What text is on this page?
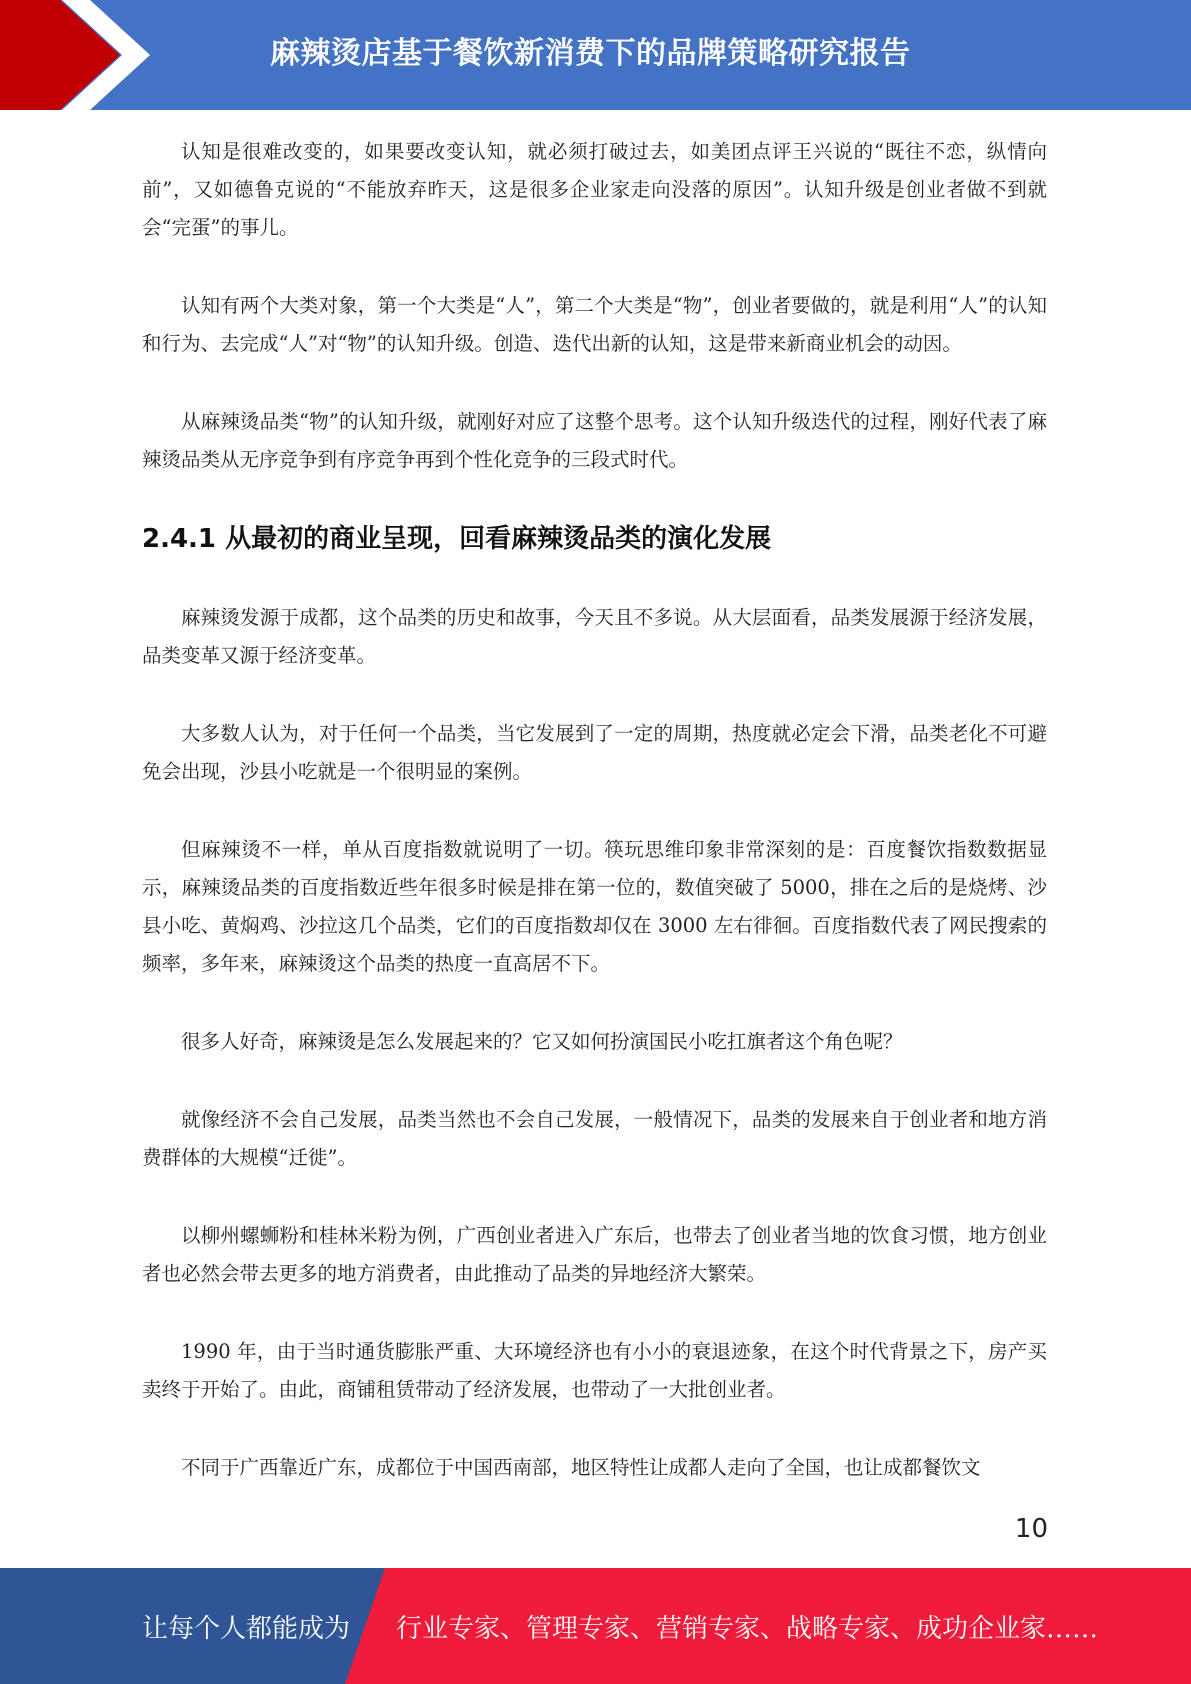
麻辣烫店基于餐饮新消费下的品牌策略研究报告

认知是很难改变的，如果要改变认知，就必须打破过去，如美团点评王兴说的“既往不恋，纵情向前”，又如德鲁克说的“不能放弃昨天，这是很多企业家走向没落的原因”。认知升级是创业者做不到就会“完蛋”的事儿。

认知有两个大类对象，第一个大类是“人”，第二个大类是“物”，创业者要做的，就是利用“人”的认知和行为、去完成“人”对“物”的认知升级。创造、迭代出新的认知，这是带来新商业机会的动因。

从麻辣烫品类“物”的认知升级，就刚好对应了这整个思考。这个认知升级迭代的过程，刚好代表了麻辣烫品类从无序竞争到有序竞争再到个性化竞争的三段式时代。

2.4.1 从最初的商业呈现，回看麻辣烫品类的演化发展

麻辣烫发源于成都，这个品类的历史和故事，今天且不多说。从大层面看，品类发展源于经济发展，品类变革又源于经济变革。

大多数人认为，对于任何一个品类，当它发展到了一定的周期，热度就必定会下滑，品类老化不可避免会出现，沙县小吃就是一个很明显的案例。

但麻辣烫不一样，单从百度指数就说明了一切。筷玩思维印象非常深刻的是：百度餐饮指数数据显示，麻辣烫品类的百度指数近些年很多时候是排在第一位的，数值突破了 5000，排在之后的是烧烤、沙县小吃、黄焖鸡、沙拉这几个品类，它们的百度指数却仅在 3000 左右徘徊。百度指数代表了网民搜索的频率，多年来，麻辣烫这个品类的热度一直高居不下。

很多人好奇，麻辣烫是怎么发展起来的？它又如何扮演国民小吃扛旗者这个角色呢？

就像经济不会自己发展，品类当然也不会自己发展，一般情况下，品类的发展来自于创业者和地方消费群体的大规模“迁徙”。

以柳州螺蛳粉和桂林米粉为例，广西创业者进入广东后，也带去了创业者当地的饮食习惯，地方创业者也必然会带去更多的地方消费者，由此推动了品类的异地经济大繁荣。

1990 年，由于当时通货膨胀严重、大环境经济也有小小的衰退迹象，在这个时代背景之下，房产买卖终于开始了。由此，商铺租赁带动了经济发展，也带动了一大批创业者。

不同于广西靠近广东，成都位于中国西南部，地区特性让成都人走向了全国，也让成都餐饮文

10
让每个人都能成为 行业专家、管理专家、营销专家、战略专家、成功企业家……
